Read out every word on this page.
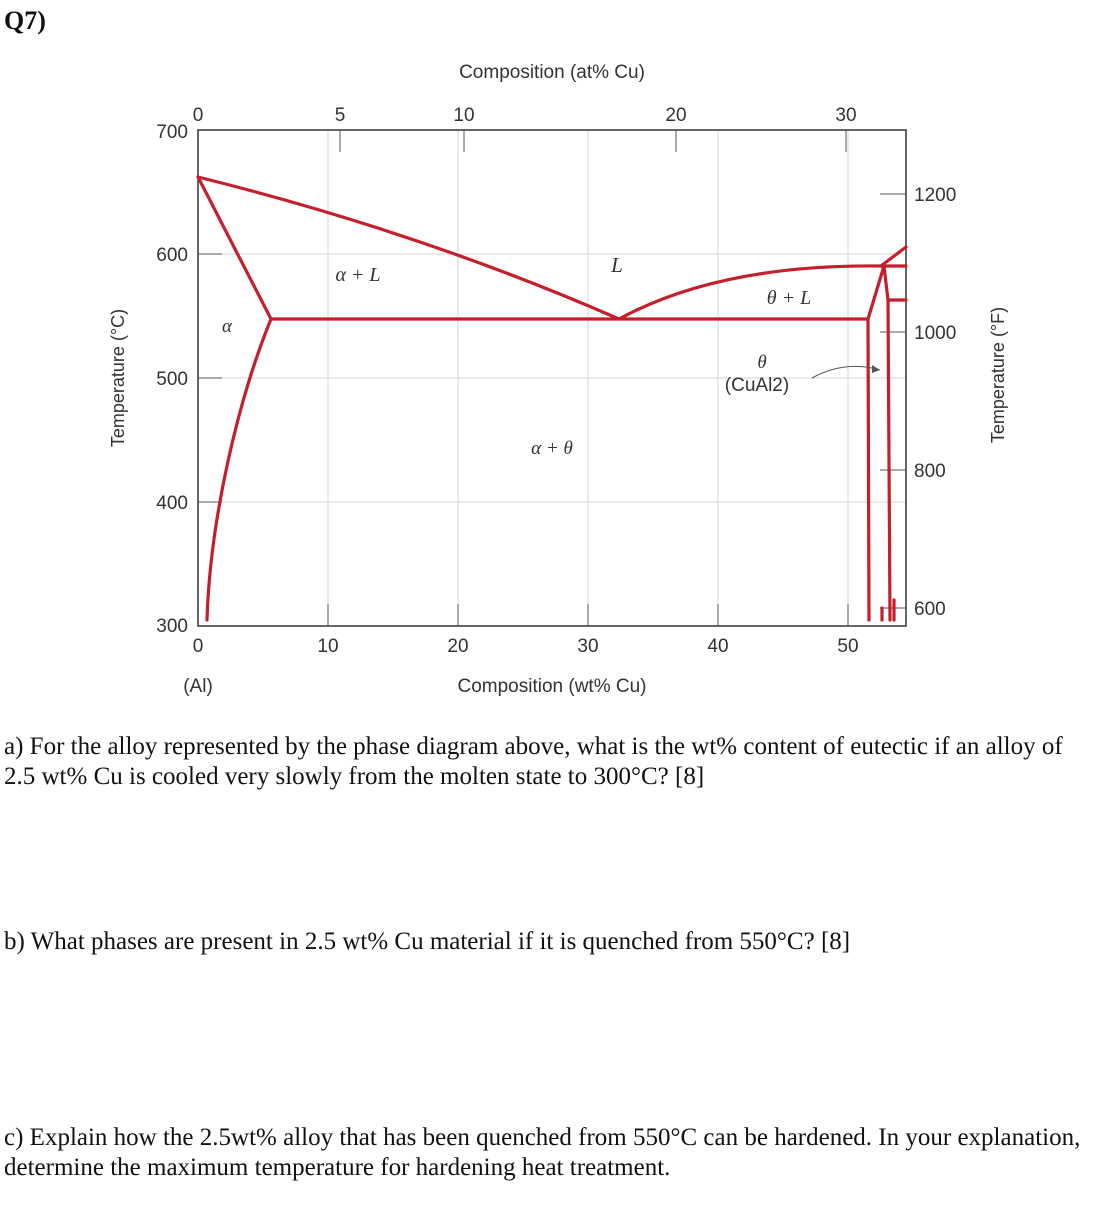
Q7)
Composition (at% Cu)
0	5	10	20	30
0	10	20	30	40	50
(Al)	Composition (wt% Cu)
700
600
500
400
300
Temperature (°C)
1200
1000
800
600
Temperature (°F)
α
α + L	L
θ + L
θ
(CuAl2)
α + θ
a) For the alloy represented by the phase diagram above, what is the wt% content of eutectic if an alloy of 2.5 wt% Cu is cooled very slowly from the molten state to 300°C? [8]
b) What phases are present in 2.5 wt% Cu material if it is quenched from 550°C? [8]
c) Explain how the 2.5wt% alloy that has been quenched from 550°C can be hardened. In your explanation, determine the maximum temperature for hardening heat treatment.
